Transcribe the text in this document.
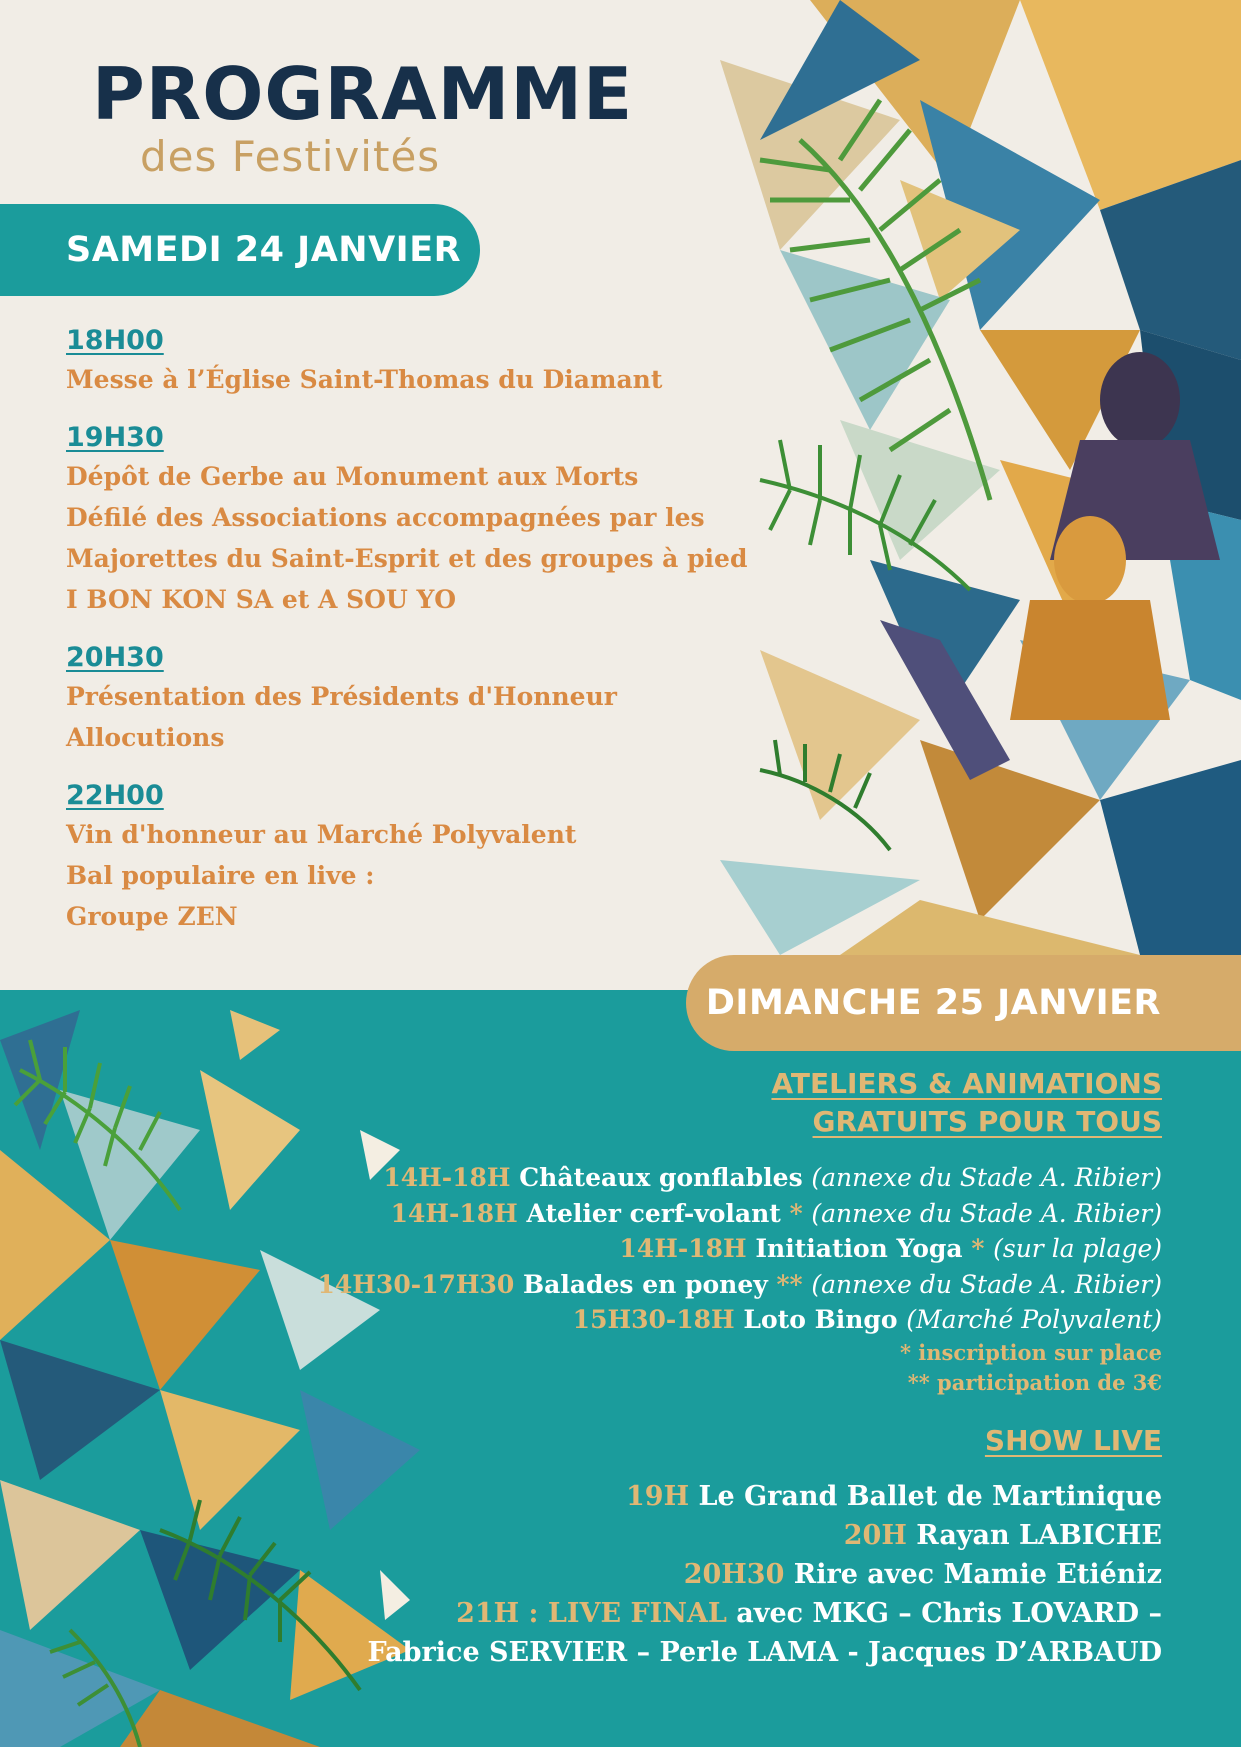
PROGRAMME
des Festivités
SAMEDI 24 JANVIER
18H00
Messe à l’Église Saint-Thomas du Diamant
19H30
Dépôt de Gerbe au Monument aux Morts
Défilé des Associations accompagnées par les
Majorettes du Saint-Esprit et des groupes à pied
I BON KON SA et A SOU YO
20H30
Présentation des Présidents d'Honneur
Allocutions
22H00
Vin d'honneur au Marché Polyvalent
Bal populaire en live :
Groupe ZEN
DIMANCHE 25 JANVIER
ATELIERS & ANIMATIONS
GRATUITS POUR TOUS
14H-18H Châteaux gonflables (annexe du Stade A. Ribier)
14H-18H Atelier cerf-volant * (annexe du Stade A. Ribier)
14H-18H Initiation Yoga * (sur la plage)
14H30-17H30 Balades en poney ** (annexe du Stade A. Ribier)
15H30-18H Loto Bingo (Marché Polyvalent)
* inscription sur place
** participation de 3€
SHOW LIVE
19H Le Grand Ballet de Martinique
20H Rayan LABICHE
20H30 Rire avec Mamie Etiéniz
21H : LIVE FINAL avec MKG – Chris LOVARD –
Fabrice SERVIER – Perle LAMA - Jacques D’ARBAUD
